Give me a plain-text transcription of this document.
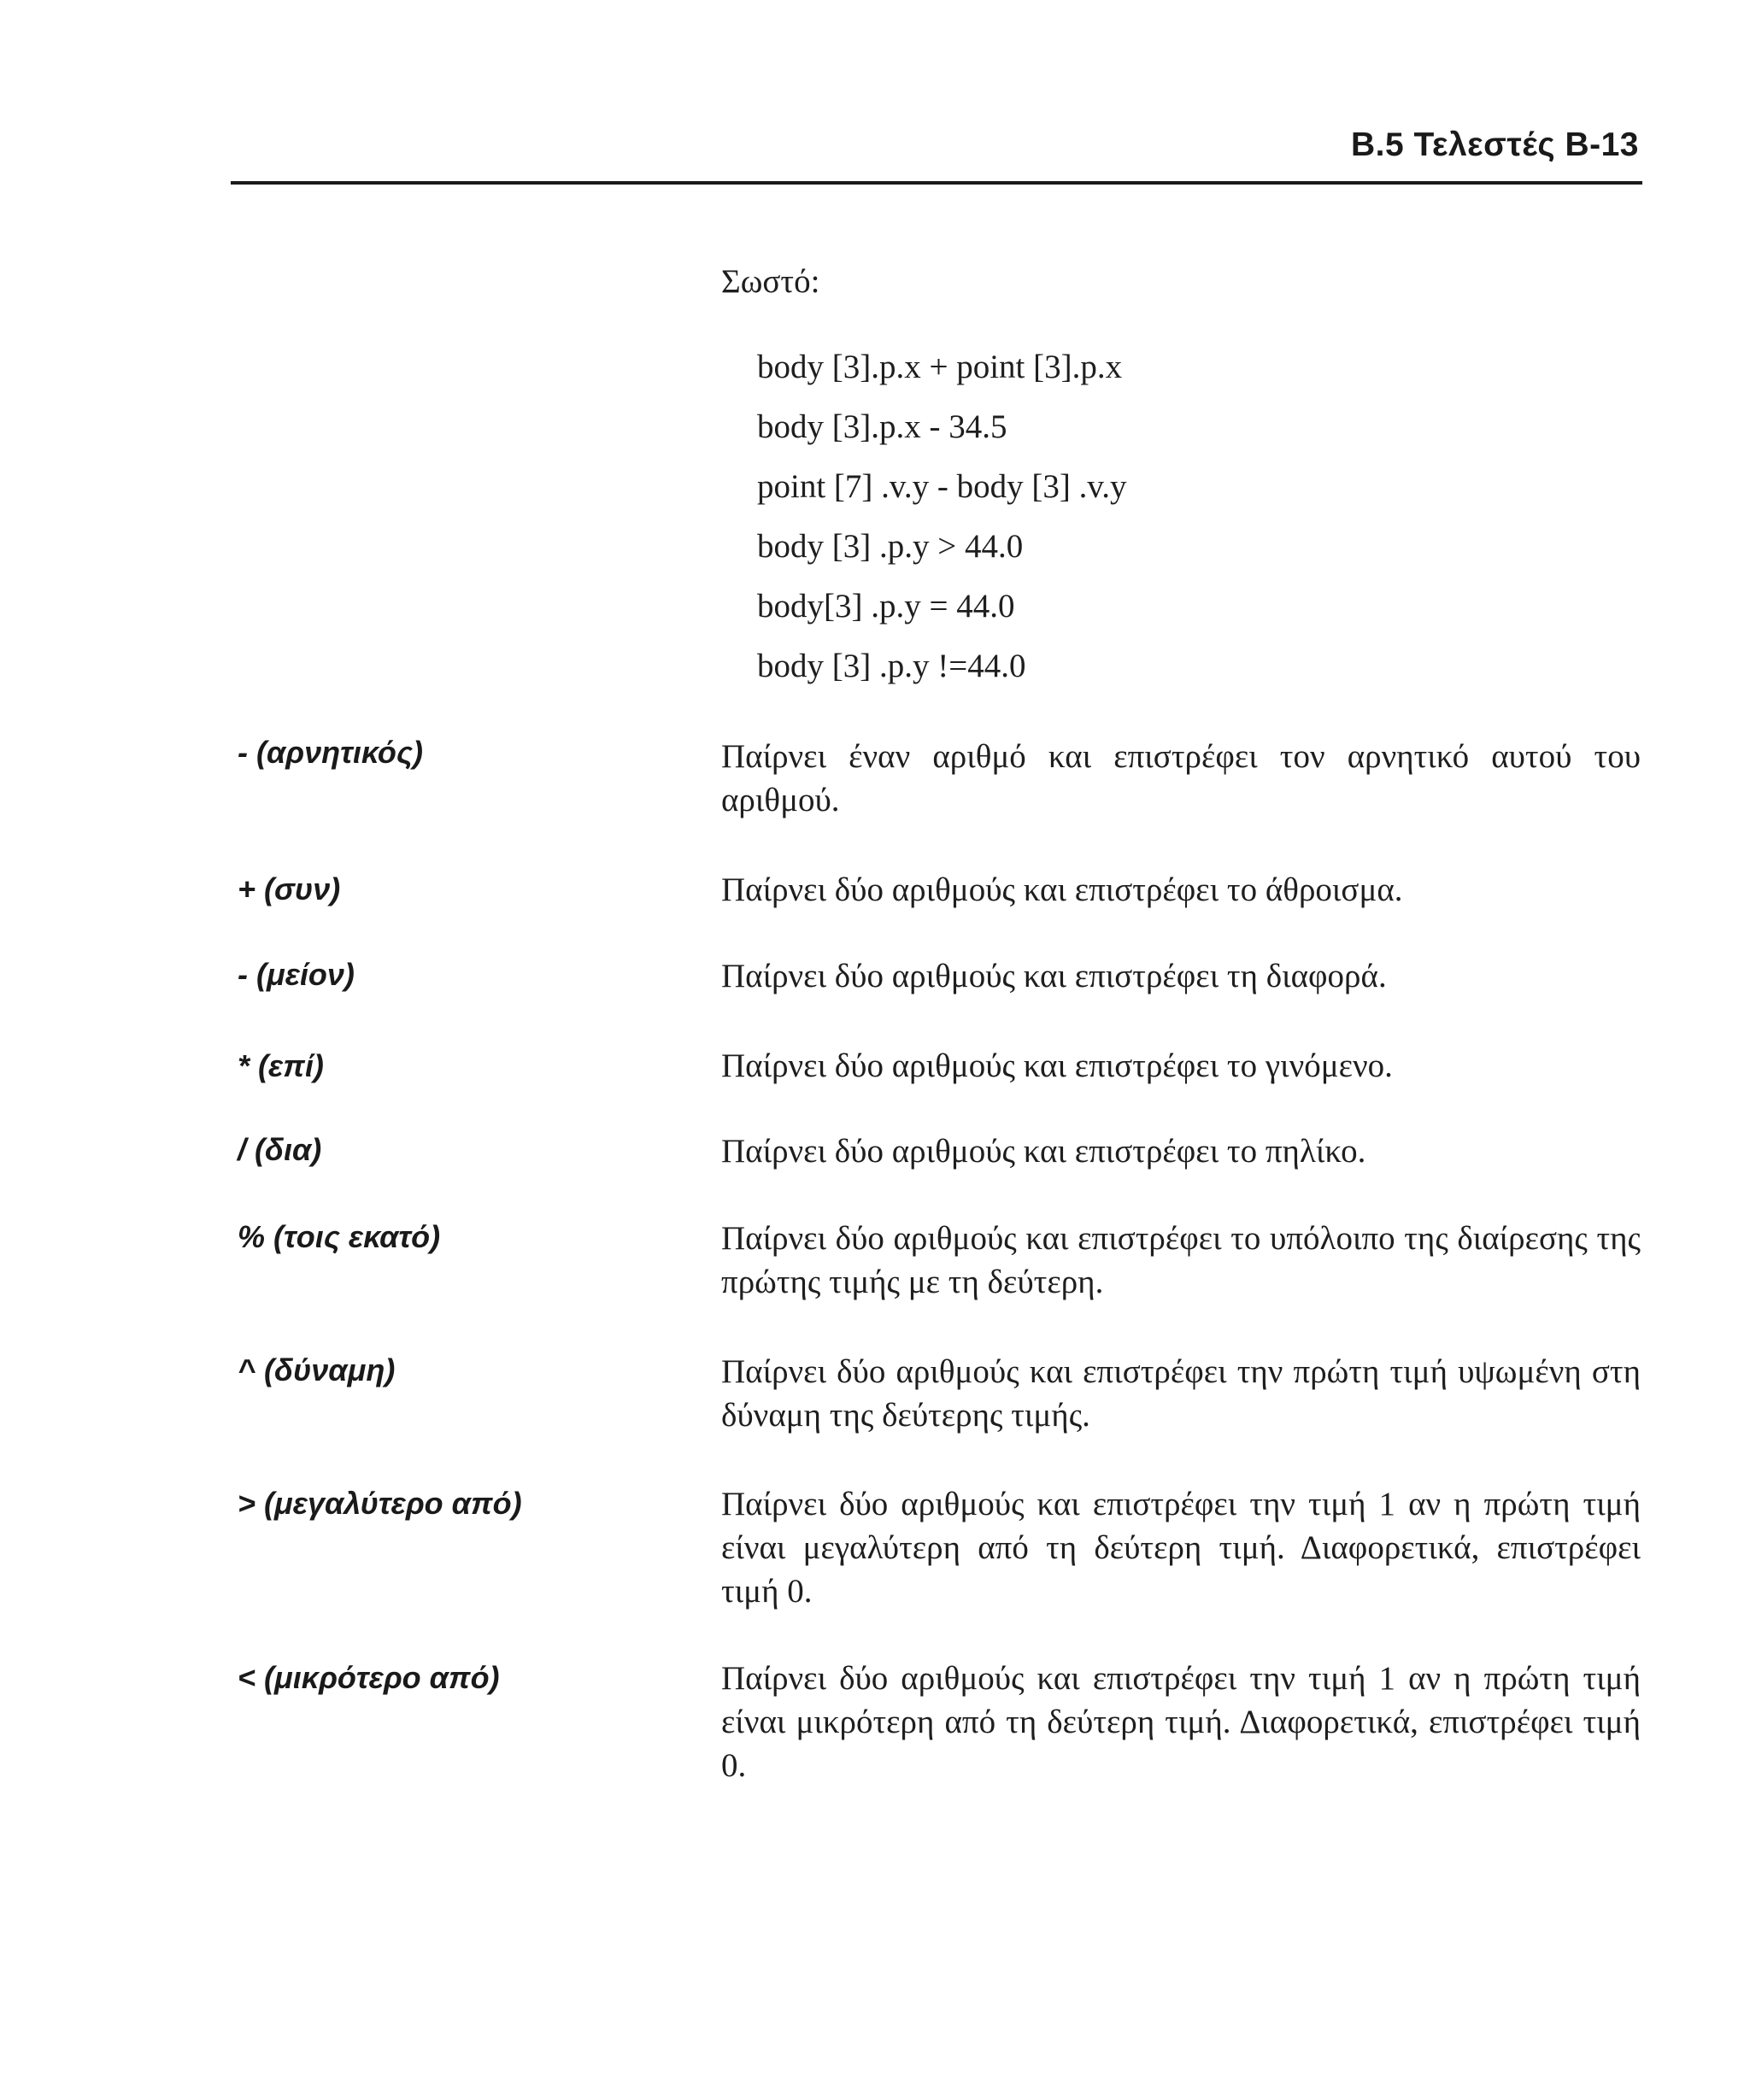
B.5 Τελεστές B-13
Σωστό:
body [3].p.x + point [3].p.x
body [3].p.x - 34.5
point [7] .v.y - body [3] .v.y
body [3] .p.y > 44.0
body[3] .p.y = 44.0
body [3] .p.y !=44.0
- (αρνητικός)	Παίρνει έναν αριθμό και επιστρέφει τον αρνητικό αυτού του αριθμού.
+ (συν)	Παίρνει δύο αριθμούς και επιστρέφει το άθροισμα.
- (μείον)	Παίρνει δύο αριθμούς και επιστρέφει τη διαφορά.
* (επί)	Παίρνει δύο αριθμούς και επιστρέφει το γινόμενο.
/ (δια)	Παίρνει δύο αριθμούς και επιστρέφει το πηλίκο.
% (τοις εκατό)	Παίρνει δύο αριθμούς και επιστρέφει το υπόλοιπο της διαίρεσης της πρώτης τιμής με τη δεύτερη.
^ (δύναμη)	Παίρνει δύο αριθμούς και επιστρέφει την πρώτη τιμή υψωμένη στη δύναμη της δεύτερης τιμής.
> (μεγαλύτερο από)	Παίρνει δύο αριθμούς και επιστρέφει την τιμή 1 αν η πρώτη τιμή είναι μεγαλύτερη από τη δεύτερη τιμή. Διαφορετικά, επιστρέφει τιμή 0.
< (μικρότερο από)	Παίρνει δύο αριθμούς και επιστρέφει την τιμή 1 αν η πρώτη τιμή είναι μικρότερη από τη δεύτερη τιμή. Διαφορετικά, επιστρέφει τιμή 0.
